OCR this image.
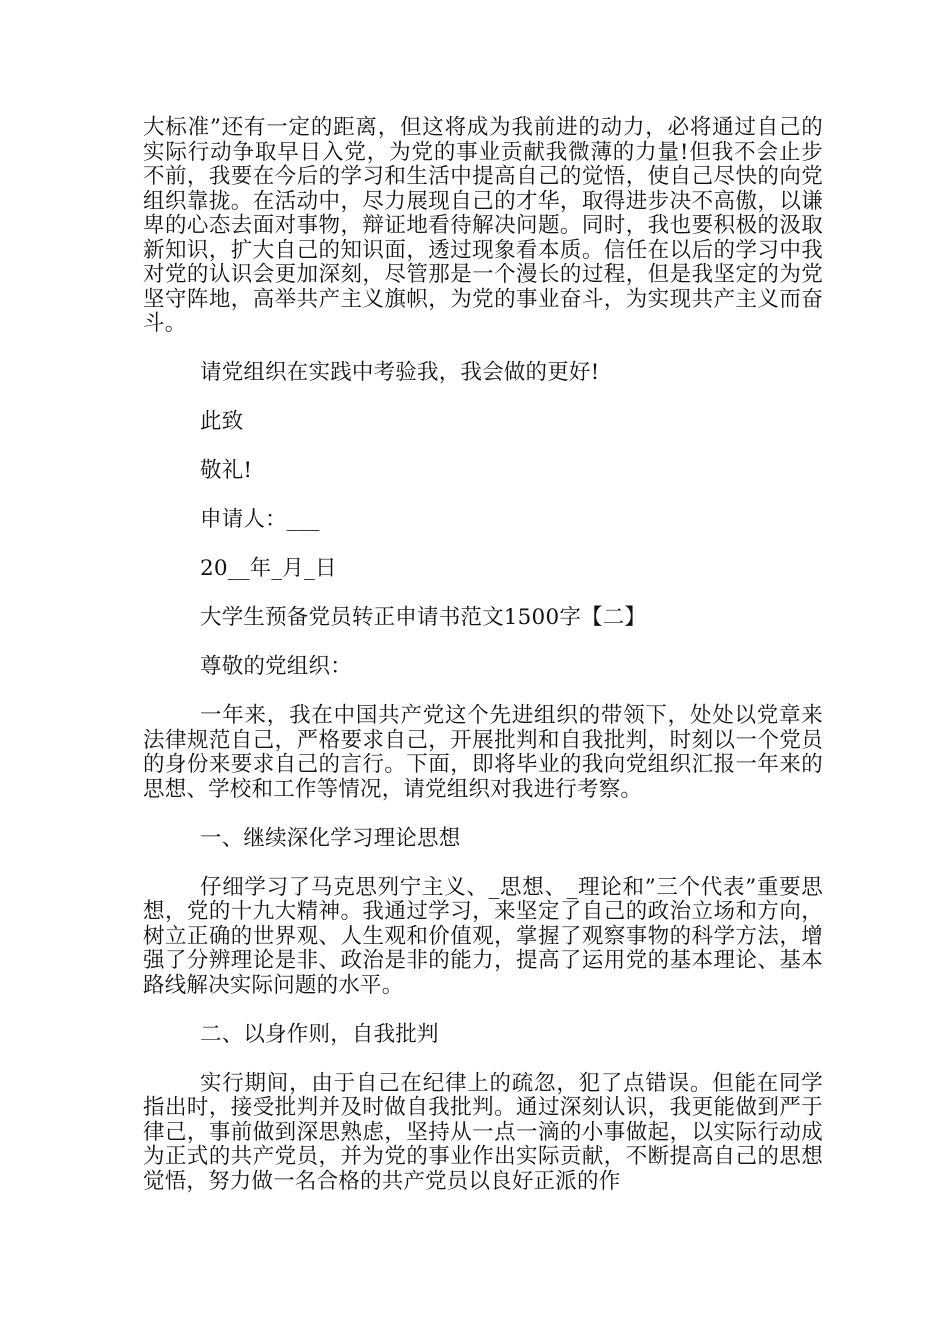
大标准”还有一定的距离，但这将成为我前进的动力，必将通过自己的实际行动争取早日入党，为党的事业贡献我微薄的力量!但我不会止步不前，我要在今后的学习和生活中提高自己的觉悟，使自己尽快的向党组织靠拢。在活动中，尽力展现自己的才华，取得进步决不高傲，以谦卑的心态去面对事物，辩证地看待解决问题。同时，我也要积极的汲取新知识，扩大自己的知识面，透过现象看本质。信任在以后的学习中我对党的认识会更加深刻，尽管那是一个漫长的过程，但是我坚定的为党坚守阵地，高举共产主义旗帜，为党的事业奋斗，为实现共产主义而奋斗。

请党组织在实践中考验我，我会做的更好!

此致

敬礼!

申请人：___

20__年_月_日

大学生预备党员转正申请书范文1500字【二】

尊敬的党组织：

一年来，我在中国共产党这个先进组织的带领下，处处以党章来法律规范自己，严格要求自己，开展批判和自我批判，时刻以一个党员的身份来要求自己的言行。下面，即将毕业的我向党组织汇报一年来的思想、学校和工作等情况，请党组织对我进行考察。

一、继续深化学习理论思想

仔细学习了马克思列宁主义、_思想、_理论和”三个代表”重要思想，党的十九大精神。我通过学习，来坚定了自己的政治立场和方向，树立正确的世界观、人生观和价值观，掌握了观察事物的科学方法，增强了分辨理论是非、政治是非的能力，提高了运用党的基本理论、基本路线解决实际问题的水平。

二、以身作则，自我批判

实行期间，由于自己在纪律上的疏忽，犯了点错误。但能在同学指出时，接受批判并及时做自我批判。通过深刻认识，我更能做到严于律己，事前做到深思熟虑，坚持从一点一滴的小事做起，以实际行动成为正式的共产党员，并为党的事业作出实际贡献，不断提高自己的思想觉悟，努力做一名合格的共产党员以良好正派的作
